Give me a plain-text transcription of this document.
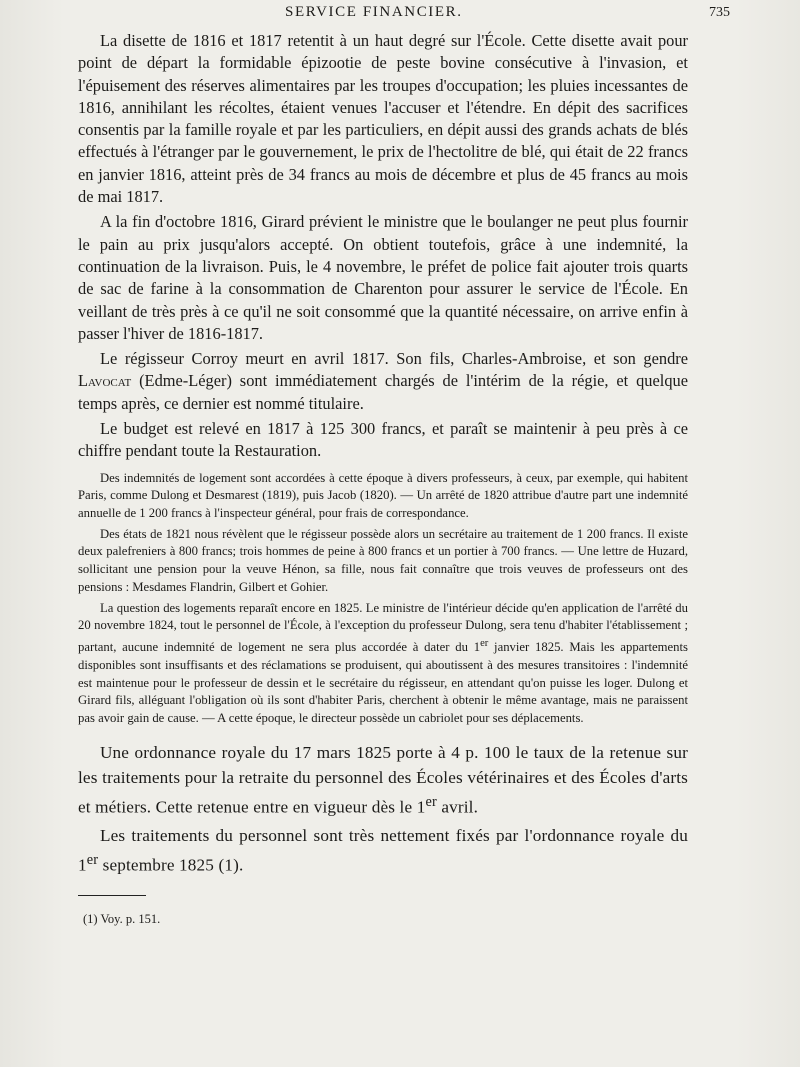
SERVICE FINANCIER.	735

La disette de 1816 et 1817 retentit à un haut degré sur l'École. Cette disette avait pour point de départ la formidable épizootie de peste bovine consécutive à l'invasion, et l'épuisement des réserves alimentaires par les troupes d'occupation; les pluies incessantes de 1816, annihilant les récoltes, étaient venues l'accuser et l'étendre. En dépit des sacrifices consentis par la famille royale et par les particuliers, en dépit aussi des grands achats de blés effectués à l'étranger par le gouvernement, le prix de l'hectolitre de blé, qui était de 22 francs en janvier 1816, atteint près de 34 francs au mois de décembre et plus de 45 francs au mois de mai 1817.

A la fin d'octobre 1816, Girard prévient le ministre que le boulanger ne peut plus fournir le pain au prix jusqu'alors accepté. On obtient toutefois, grâce à une indemnité, la continuation de la livraison. Puis, le 4 novembre, le préfet de police fait ajouter trois quarts de sac de farine à la consommation de Charenton pour assurer le service de l'École. En veillant de très près à ce qu'il ne soit consommé que la quantité nécessaire, on arrive enfin à passer l'hiver de 1816-1817.

Le régisseur Corroy meurt en avril 1817. Son fils, Charles-Ambroise, et son gendre Lavocat (Edme-Léger) sont immédiatement chargés de l'intérim de la régie, et quelque temps après, ce dernier est nommé titulaire.

Le budget est relevé en 1817 à 125 300 francs, et paraît se maintenir à peu près à ce chiffre pendant toute la Restauration.

Des indemnités de logement sont accordées à cette époque à divers professeurs, à ceux, par exemple, qui habitent Paris, comme Dulong et Desmarest (1819), puis Jacob (1820). — Un arrêté de 1820 attribue d'autre part une indemnité annuelle de 1 200 francs à l'inspecteur général, pour frais de correspondance.

Des états de 1821 nous révèlent que le régisseur possède alors un secrétaire au traitement de 1 200 francs. Il existe deux palefreniers à 800 francs; trois hommes de peine à 800 francs et un portier à 700 francs. — Une lettre de Huzard, sollicitant une pension pour la veuve Hénon, sa fille, nous fait connaître que trois veuves de professeurs ont des pensions : Mesdames Flandrin, Gilbert et Gohier.

La question des logements reparaît encore en 1825. Le ministre de l'intérieur décide qu'en application de l'arrêté du 20 novembre 1824, tout le personnel de l'École, à l'exception du professeur Dulong, sera tenu d'habiter l'établissement ; partant, aucune indemnité de logement ne sera plus accordée à dater du 1er janvier 1825. Mais les appartements disponibles sont insuffisants et des réclamations se produisent, qui aboutissent à des mesures transitoires : l'indemnité est maintenue pour le professeur de dessin et le secrétaire du régisseur, en attendant qu'on puisse les loger. Dulong et Girard fils, alléguant l'obligation où ils sont d'habiter Paris, cherchent à obtenir le même avantage, mais ne paraissent pas avoir gain de cause. — A cette époque, le directeur possède un cabriolet pour ses déplacements.

Une ordonnance royale du 17 mars 1825 porte à 4 p. 100 le taux de la retenue sur les traitements pour la retraite du personnel des Écoles vétérinaires et des Écoles d'arts et métiers. Cette retenue entre en vigueur dès le 1er avril.

Les traitements du personnel sont très nettement fixés par l'ordonnance royale du 1er septembre 1825 (1).

(1) Voy. p. 151.
